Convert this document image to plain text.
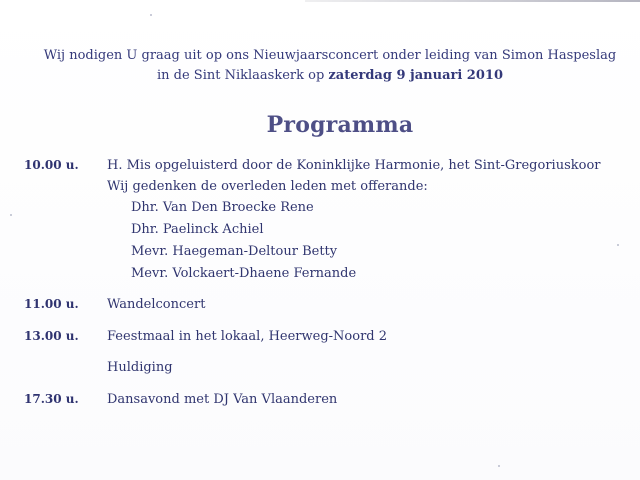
Wij nodigen U graag uit op ons Nieuwjaarsconcert onder leiding van Simon Haspeslag
in de Sint Niklaaskerk op zaterdag 9 januari 2010
Programma
10.00 u. H. Mis opgeluisterd door de Koninklijke Harmonie, het Sint-Gregoriuskoor
Wij gedenken de overleden leden met offerande:
Dhr. Van Den Broecke Rene
Dhr. Paelinck Achiel
Mevr. Haegeman-Deltour Betty
Mevr. Volckaert-Dhaene Fernande
11.00 u. Wandelconcert
13.00 u. Feestmaal in het lokaal, Heerweg-Noord 2
Huldiging
17.30 u. Dansavond met DJ Van Vlaanderen
